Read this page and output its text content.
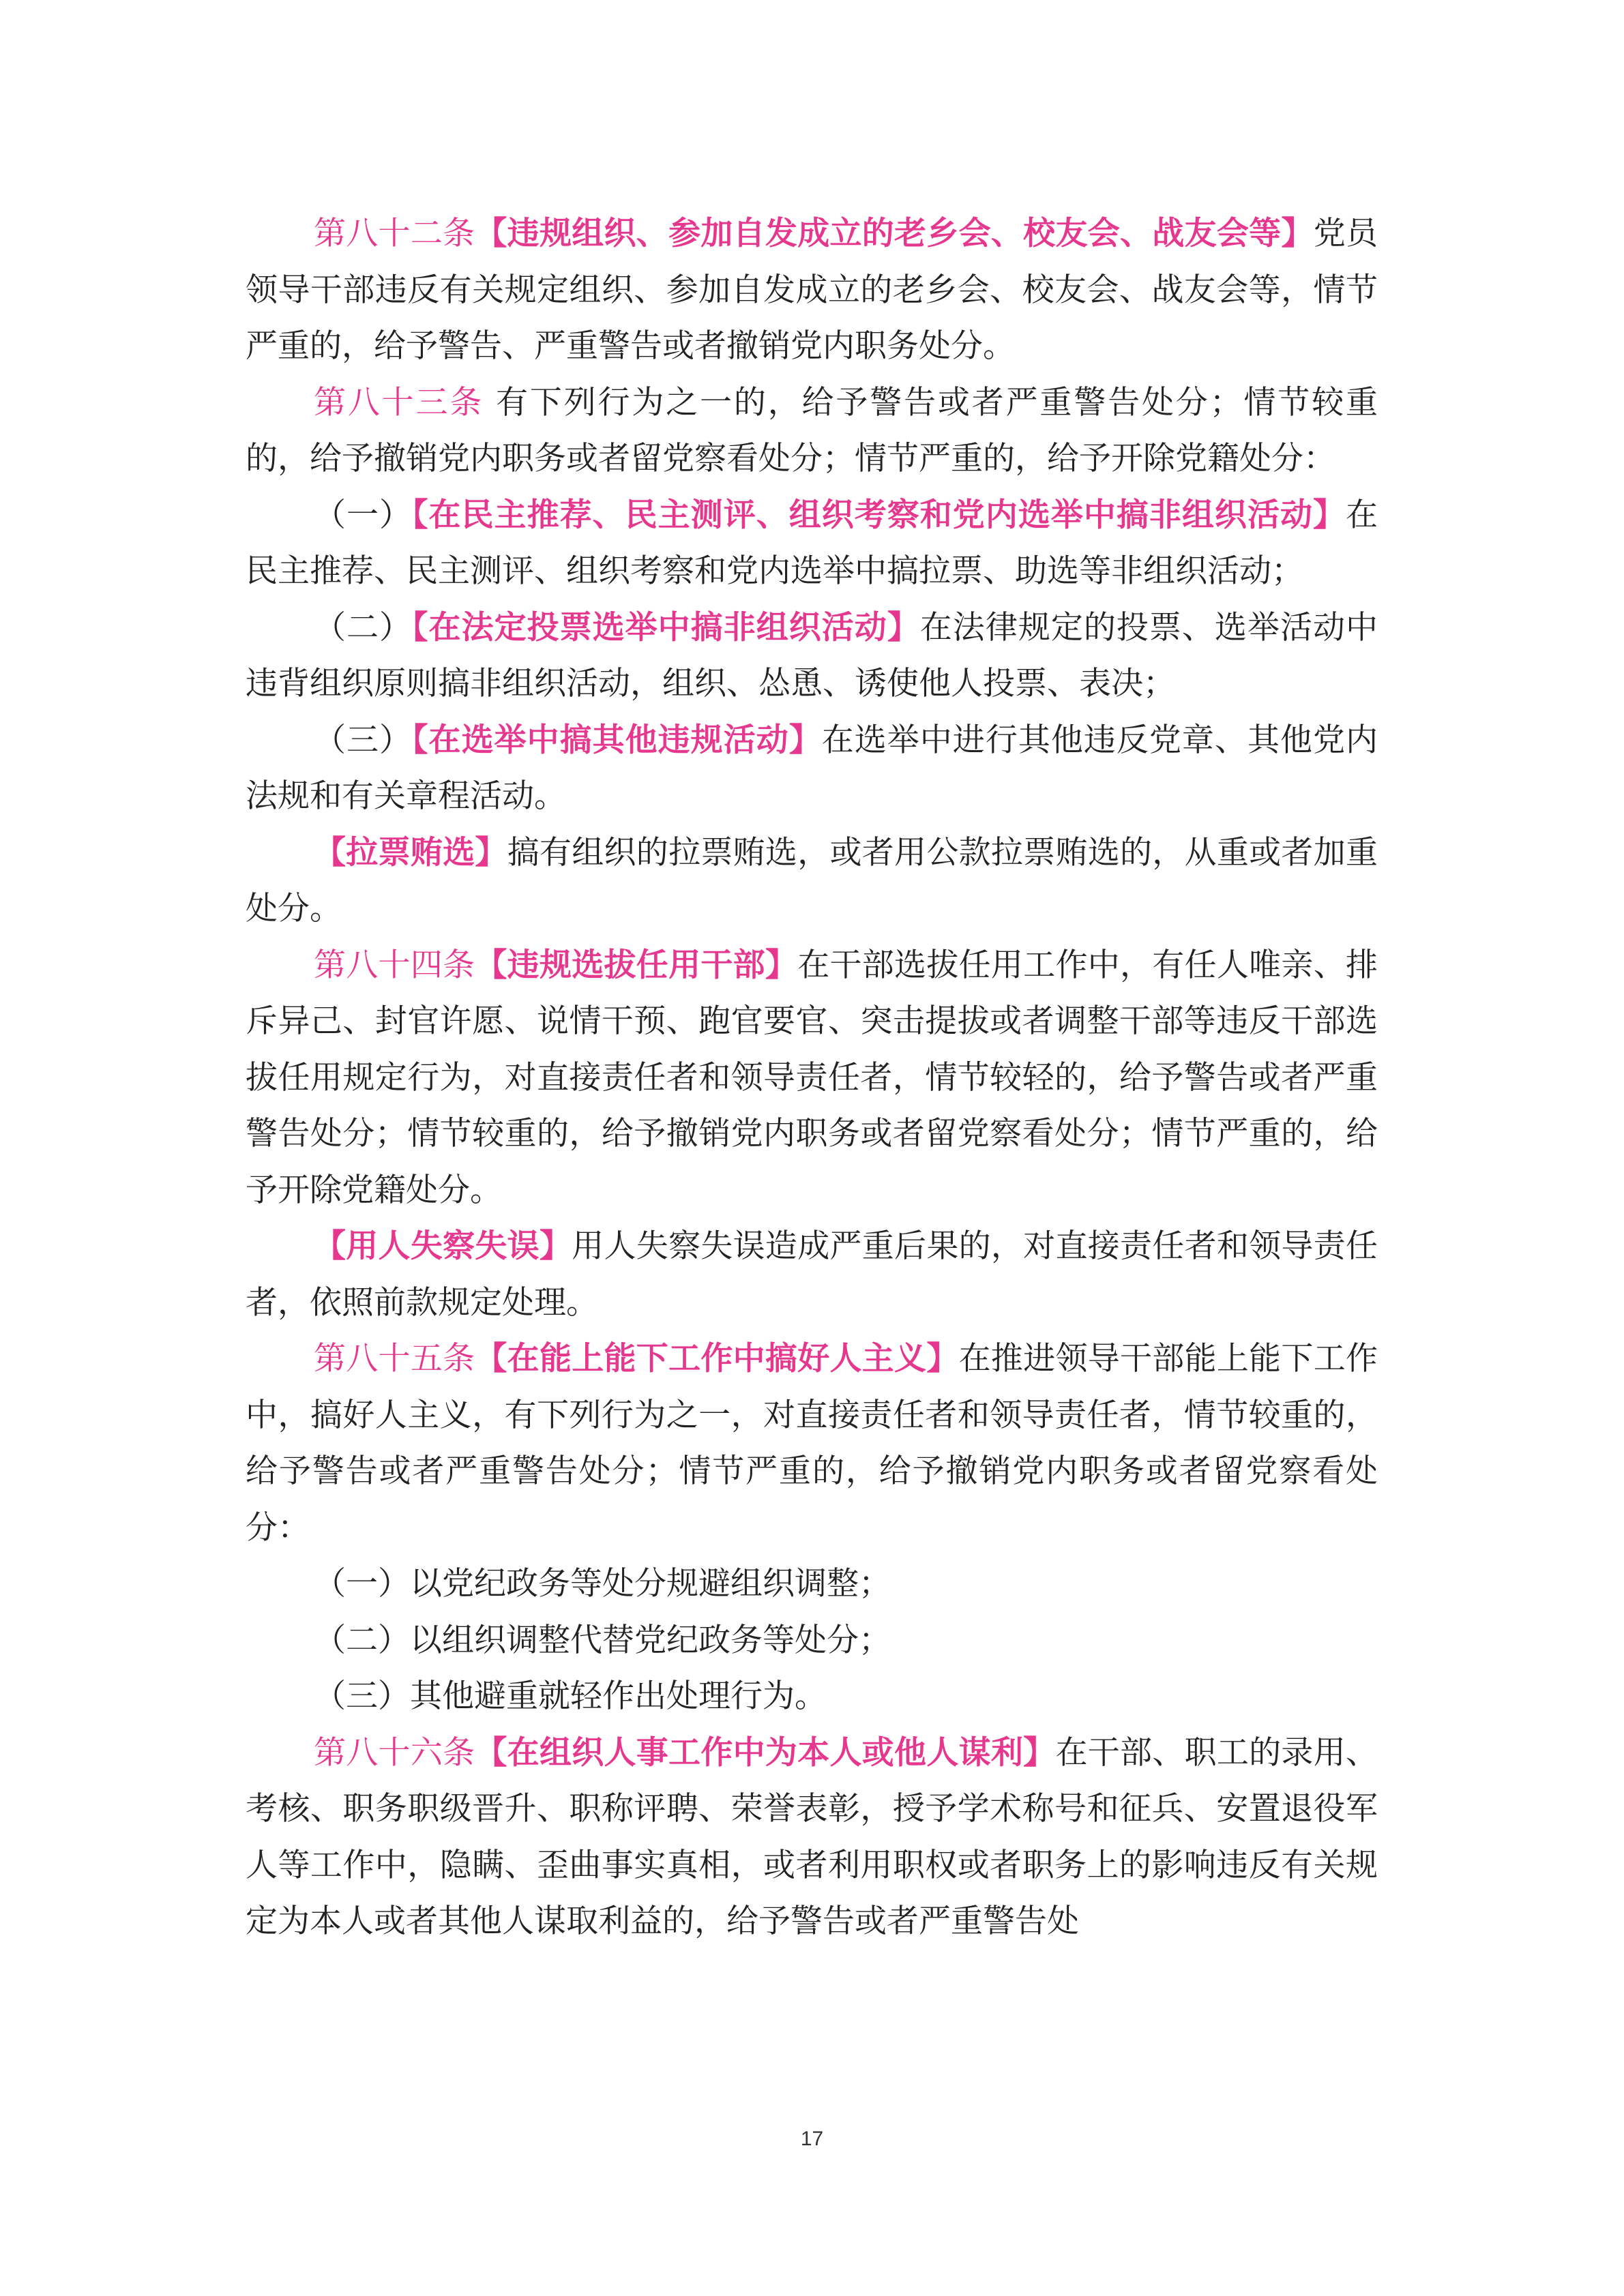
第八十二条【违规组织、参加自发成立的老乡会、校友会、战友会等】党员领导干部违反有关规定组织、参加自发成立的老乡会、校友会、战友会等，情节严重的，给予警告、严重警告或者撤销党内职务处分。

第八十三条 有下列行为之一的，给予警告或者严重警告处分；情节较重的，给予撤销党内职务或者留党察看处分；情节严重的，给予开除党籍处分：

（一）【在民主推荐、民主测评、组织考察和党内选举中搞非组织活动】在民主推荐、民主测评、组织考察和党内选举中搞拉票、助选等非组织活动；

（二）【在法定投票选举中搞非组织活动】在法律规定的投票、选举活动中违背组织原则搞非组织活动，组织、怂恿、诱使他人投票、表决；

（三）【在选举中搞其他违规活动】在选举中进行其他违反党章、其他党内法规和有关章程活动。

【拉票贿选】搞有组织的拉票贿选，或者用公款拉票贿选的，从重或者加重处分。

第八十四条【违规选拔任用干部】在干部选拔任用工作中，有任人唯亲、排斥异己、封官许愿、说情干预、跑官要官、突击提拔或者调整干部等违反干部选拔任用规定行为，对直接责任者和领导责任者，情节较轻的，给予警告或者严重警告处分；情节较重的，给予撤销党内职务或者留党察看处分；情节严重的，给予开除党籍处分。

【用人失察失误】用人失察失误造成严重后果的，对直接责任者和领导责任者，依照前款规定处理。

第八十五条【在能上能下工作中搞好人主义】在推进领导干部能上能下工作中，搞好人主义，有下列行为之一，对直接责任者和领导责任者，情节较重的，给予警告或者严重警告处分；情节严重的，给予撤销党内职务或者留党察看处分：

（一）以党纪政务等处分规避组织调整；

（二）以组织调整代替党纪政务等处分；

（三）其他避重就轻作出处理行为。

第八十六条【在组织人事工作中为本人或他人谋利】在干部、职工的录用、考核、职务职级晋升、职称评聘、荣誉表彰，授予学术称号和征兵、安置退役军人等工作中，隐瞒、歪曲事实真相，或者利用职权或者职务上的影响违反有关规定为本人或者其他人谋取利益的，给予警告或者严重警告处

17
